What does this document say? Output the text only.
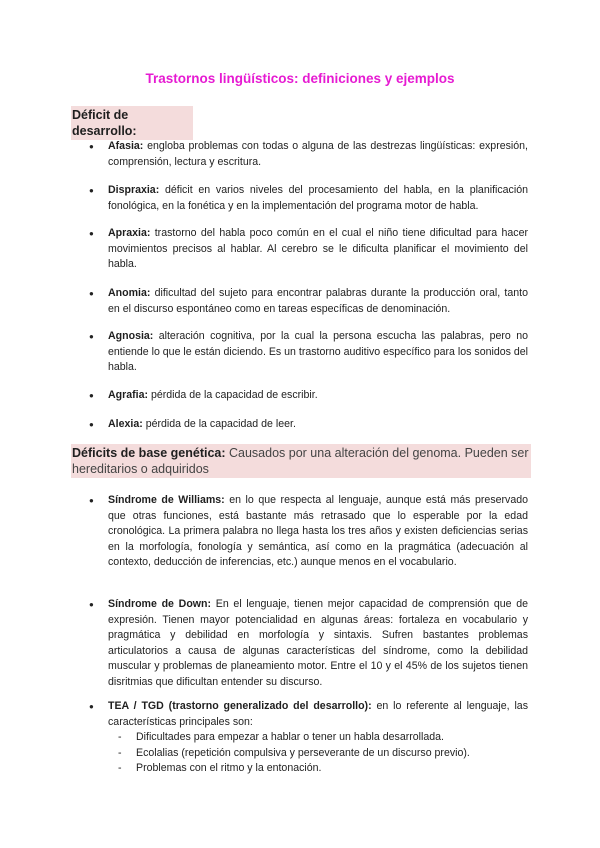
Trastornos lingüísticos: definiciones y ejemplos
Déficit de desarrollo:
● Afasia: engloba problemas con todas o alguna de las destrezas lingüísticas: expresión, comprensión, lectura y escritura.
● Dispraxia: déficit en varios niveles del procesamiento del habla, en la planificación fonológica, en la fonética y en la implementación del programa motor de habla.
● Apraxia: trastorno del habla poco común en el cual el niño tiene dificultad para hacer movimientos precisos al hablar. Al cerebro se le dificulta planificar el movimiento del habla.
● Anomia: dificultad del sujeto para encontrar palabras durante la producción oral, tanto en el discurso espontáneo como en tareas específicas de denominación.
● Agnosia: alteración cognitiva, por la cual la persona escucha las palabras, pero no entiende lo que le están diciendo. Es un trastorno auditivo específico para los sonidos del habla.
● Agrafia: pérdida de la capacidad de escribir.
● Alexia: pérdida de la capacidad de leer.
Déficits de base genética: Causados por una alteración del genoma. Pueden ser hereditarios o adquiridos
● Síndrome de Williams: en lo que respecta al lenguaje, aunque está más preservado que otras funciones, está bastante más retrasado que lo esperable por la edad cronológica. La primera palabra no llega hasta los tres años y existen deficiencias serias en la morfología, fonología y semántica, así como en la pragmática (adecuación al contexto, deducción de inferencias, etc.) aunque menos en el vocabulario.
● Síndrome de Down: En el lenguaje, tienen mejor capacidad de comprensión que de expresión. Tienen mayor potencialidad en algunas áreas: fortaleza en vocabulario y pragmática y debilidad en morfología y sintaxis. Sufren bastantes problemas articulatorios a causa de algunas características del síndrome, como la debilidad muscular y problemas de planeamiento motor. Entre el 10 y el 45% de los sujetos tienen disritmias que dificultan entender su discurso.
● TEA / TGD (trastorno generalizado del desarrollo): en lo referente al lenguaje, las características principales son:
- Dificultades para empezar a hablar o tener un habla desarrollada.
- Ecolalias (repetición compulsiva y perseverante de un discurso previo).
- Problemas con el ritmo y la entonación.
